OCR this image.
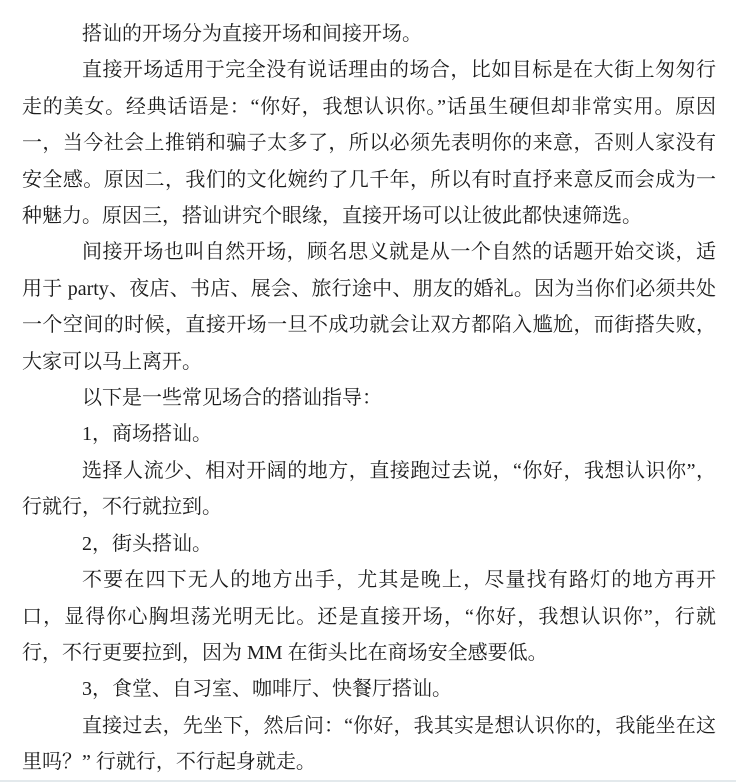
搭讪的开场分为直接开场和间接开场。

直接开场适用于完全没有说话理由的场合，比如目标是在大街上匆匆行走的美女。经典话语是：“你好，我想认识你。”话虽生硬但却非常实用。原因一，当今社会上推销和骗子太多了，所以必须先表明你的来意，否则人家没有安全感。原因二，我们的文化婉约了几千年，所以有时直抒来意反而会成为一种魅力。原因三，搭讪讲究个眼缘，直接开场可以让彼此都快速筛选。

间接开场也叫自然开场，顾名思义就是从一个自然的话题开始交谈，适用于 party、夜店、书店、展会、旅行途中、朋友的婚礼。因为当你们必须共处一个空间的时候，直接开场一旦不成功就会让双方都陷入尴尬，而街搭失败，大家可以马上离开。

以下是一些常见场合的搭讪指导：

1，商场搭讪。

选择人流少、相对开阔的地方，直接跑过去说，“你好，我想认识你”，行就行，不行就拉到。

2，街头搭讪。

不要在四下无人的地方出手，尤其是晚上，尽量找有路灯的地方再开口，显得你心胸坦荡光明无比。还是直接开场，“你好，我想认识你”，行就行，不行更要拉到，因为 MM 在街头比在商场安全感要低。

3，食堂、自习室、咖啡厅、快餐厅搭讪。

直接过去，先坐下，然后问：“你好，我其实是想认识你的，我能坐在这里吗？” 行就行，不行起身就走。
